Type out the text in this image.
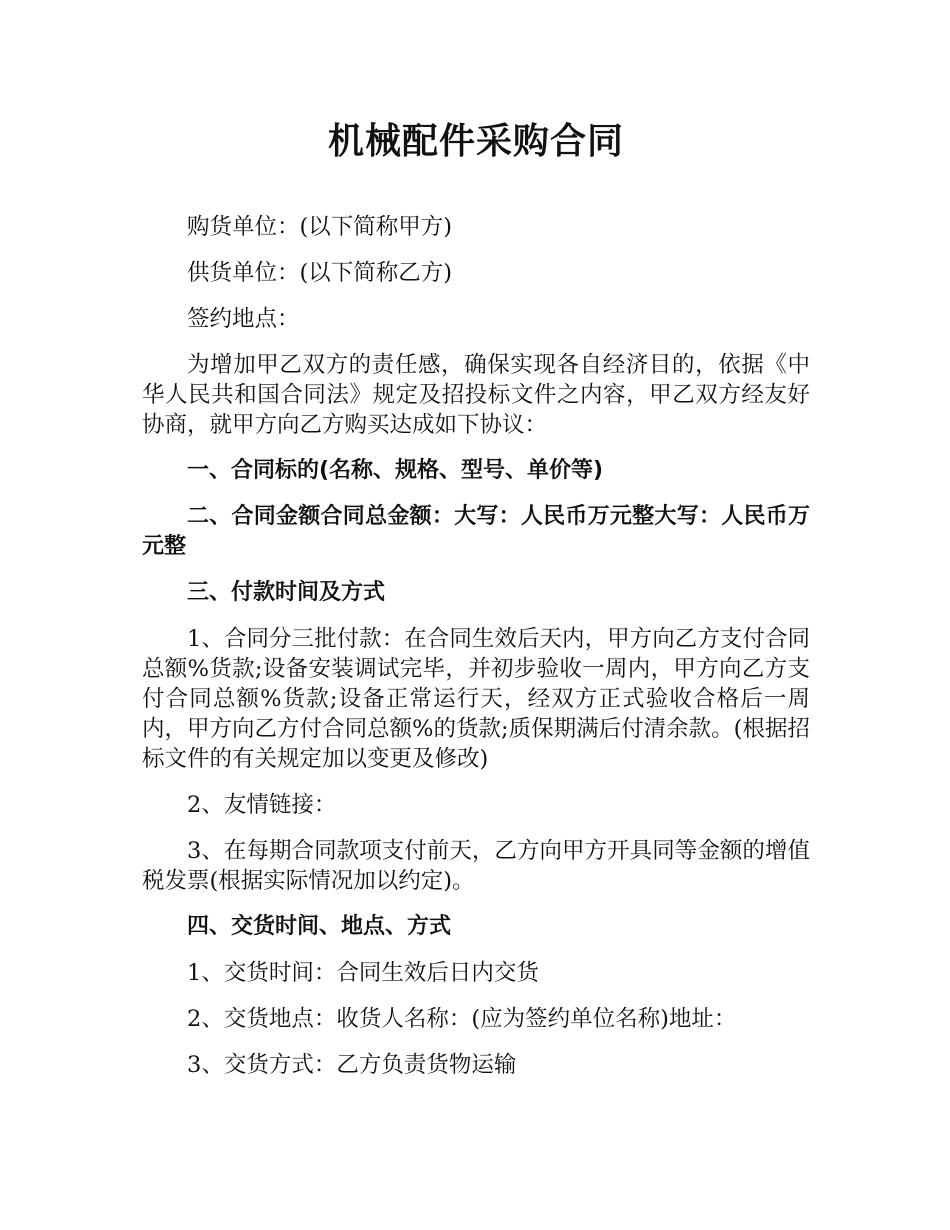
机械配件采购合同

购货单位：(以下简称甲方)

供货单位：(以下简称乙方)

签约地点：

为增加甲乙双方的责任感，确保实现各自经济目的，依据《中华人民共和国合同法》规定及招投标文件之内容，甲乙双方经友好协商，就甲方向乙方购买达成如下协议：

一、合同标的(名称、规格、型号、单价等)

二、合同金额合同总金额：大写：人民币万元整大写：人民币万元整

三、付款时间及方式

1、合同分三批付款：在合同生效后天内，甲方向乙方支付合同总额%货款;设备安装调试完毕，并初步验收一周内，甲方向乙方支付合同总额%货款;设备正常运行天，经双方正式验收合格后一周内，甲方向乙方付合同总额%的货款;质保期满后付清余款。(根据招标文件的有关规定加以变更及修改)

2、友情链接：

3、在每期合同款项支付前天，乙方向甲方开具同等金额的增值税发票(根据实际情况加以约定)。

四、交货时间、地点、方式

1、交货时间：合同生效后日内交货

2、交货地点：收货人名称：(应为签约单位名称)地址：

3、交货方式：乙方负责货物运输
